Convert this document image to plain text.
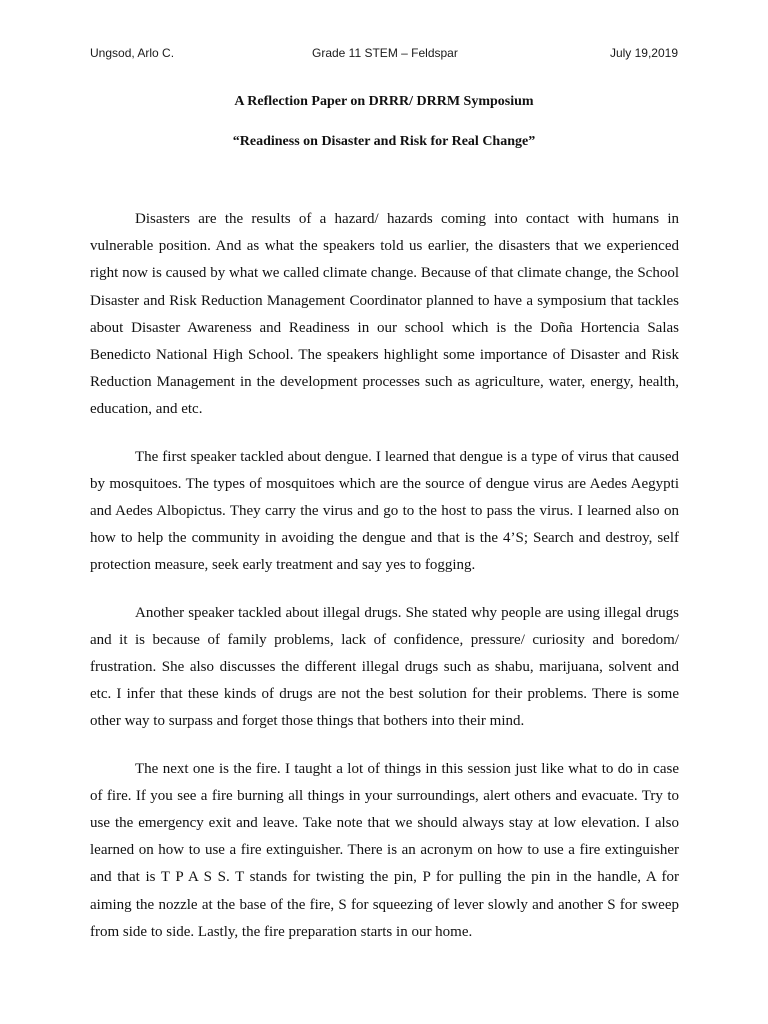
Ungsod, Arlo C.	Grade 11 STEM – Feldspar	July 19,2019
A Reflection Paper on DRRR/ DRRM Symposium
“Readiness on Disaster and Risk for Real Change”

Disasters are the results of a hazard/ hazards coming into contact with humans in vulnerable position. And as what the speakers told us earlier, the disasters that we experienced right now is caused by what we called climate change. Because of that climate change, the School Disaster and Risk Reduction Management Coordinator planned to have a symposium that tackles about Disaster Awareness and Readiness in our school which is the Doña Hortencia Salas Benedicto National High School. The speakers highlight some importance of Disaster and Risk Reduction Management in the development processes such as agriculture, water, energy, health, education, and etc.

The first speaker tackled about dengue. I learned that dengue is a type of virus that caused by mosquitoes. The types of mosquitoes which are the source of dengue virus are Aedes Aegypti and Aedes Albopictus. They carry the virus and go to the host to pass the virus. I learned also on how to help the community in avoiding the dengue and that is the 4’S; Search and destroy, self protection measure, seek early treatment and say yes to fogging.

Another speaker tackled about illegal drugs. She stated why people are using illegal drugs and it is because of family problems, lack of confidence, pressure/ curiosity and boredom/ frustration. She also discusses the different illegal drugs such as shabu, marijuana, solvent and etc. I infer that these kinds of drugs are not the best solution for their problems. There is some other way to surpass and forget those things that bothers into their mind.

The next one is the fire. I taught a lot of things in this session just like what to do in case of fire. If you see a fire burning all things in your surroundings, alert others and evacuate. Try to use the emergency exit and leave. Take note that we should always stay at low elevation. I also learned on how to use a fire extinguisher. There is an acronym on how to use a fire extinguisher and that is T P A S S. T stands for twisting the pin, P for pulling the pin in the handle, A for aiming the nozzle at the base of the fire, S for squeezing of lever slowly and another S for sweep from side to side. Lastly, the fire preparation starts in our home.
